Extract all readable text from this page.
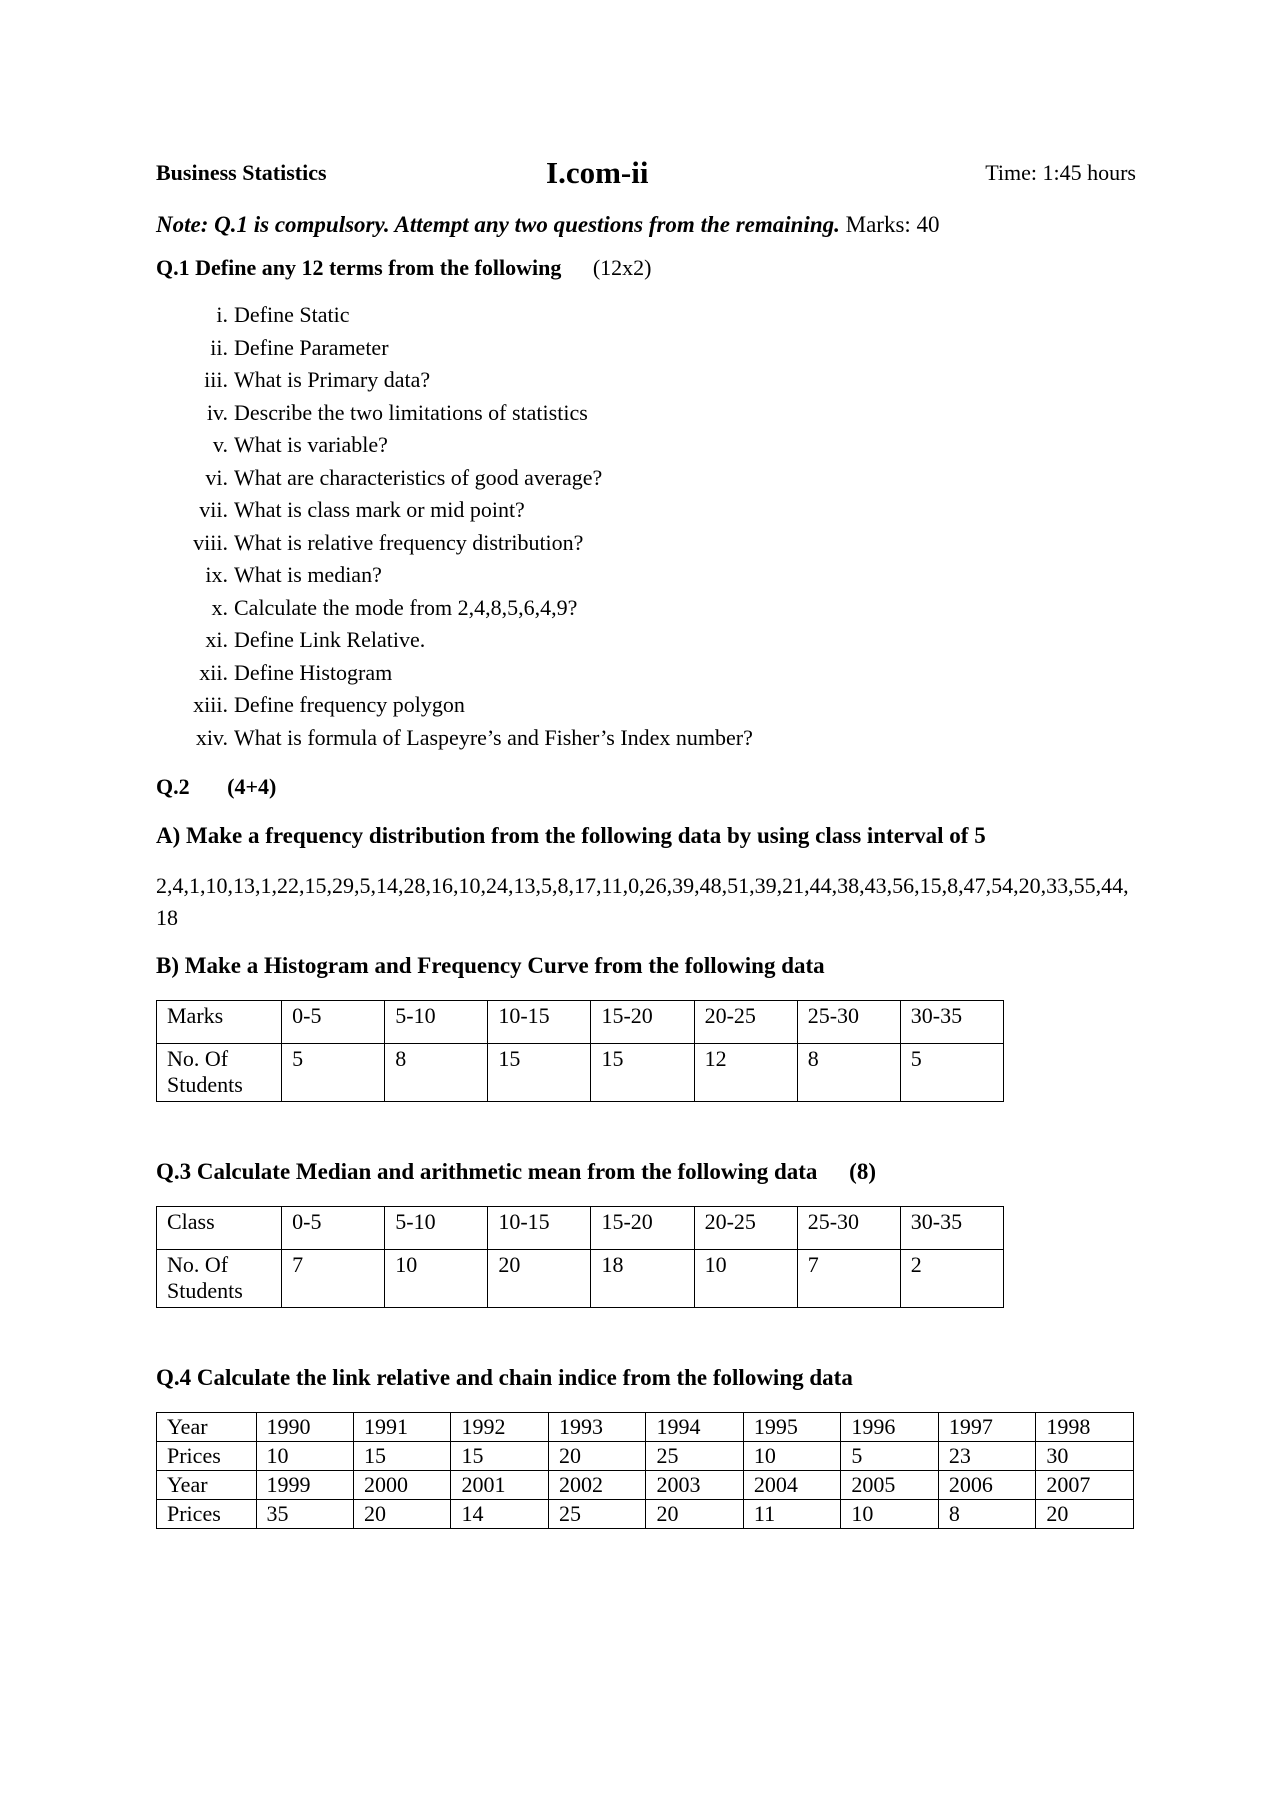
Business Statistics	I.com-ii	Time: 1:45 hours
Note: Q.1 is compulsory. Attempt any two questions from the remaining. Marks: 40
Q.1 Define any 12 terms from the following (12x2)
i. Define Static
ii. Define Parameter
iii. What is Primary data?
iv. Describe the two limitations of statistics
v. What is variable?
vi. What are characteristics of good average?
vii. What is class mark or mid point?
viii. What is relative frequency distribution?
ix. What is median?
x. Calculate the mode from 2,4,8,5,6,4,9?
xi. Define Link Relative.
xii. Define Histogram
xiii. Define frequency polygon
xiv. What is formula of Laspeyre’s and Fisher’s Index number?
Q.2 (4+4)
A) Make a frequency distribution from the following data by using class interval of 5
2,4,1,10,13,1,22,15,29,5,14,28,16,10,24,13,5,8,17,11,0,26,39,48,51,39,21,44,38,43,56,15,8,47,54,20,33,55,44,18
B) Make a Histogram and Frequency Curve from the following data
Marks	0-5	5-10	10-15	15-20	20-25	25-30	30-35
No. Of Students	5	8	15	15	12	8	5
Q.3 Calculate Median and arithmetic mean from the following data (8)
Class	0-5	5-10	10-15	15-20	20-25	25-30	30-35
No. Of Students	7	10	20	18	10	7	2
Q.4 Calculate the link relative and chain indice from the following data
Year	1990	1991	1992	1993	1994	1995	1996	1997	1998
Prices	10	15	15	20	25	10	5	23	30
Year	1999	2000	2001	2002	2003	2004	2005	2006	2007
Prices	35	20	14	25	20	11	10	8	20
